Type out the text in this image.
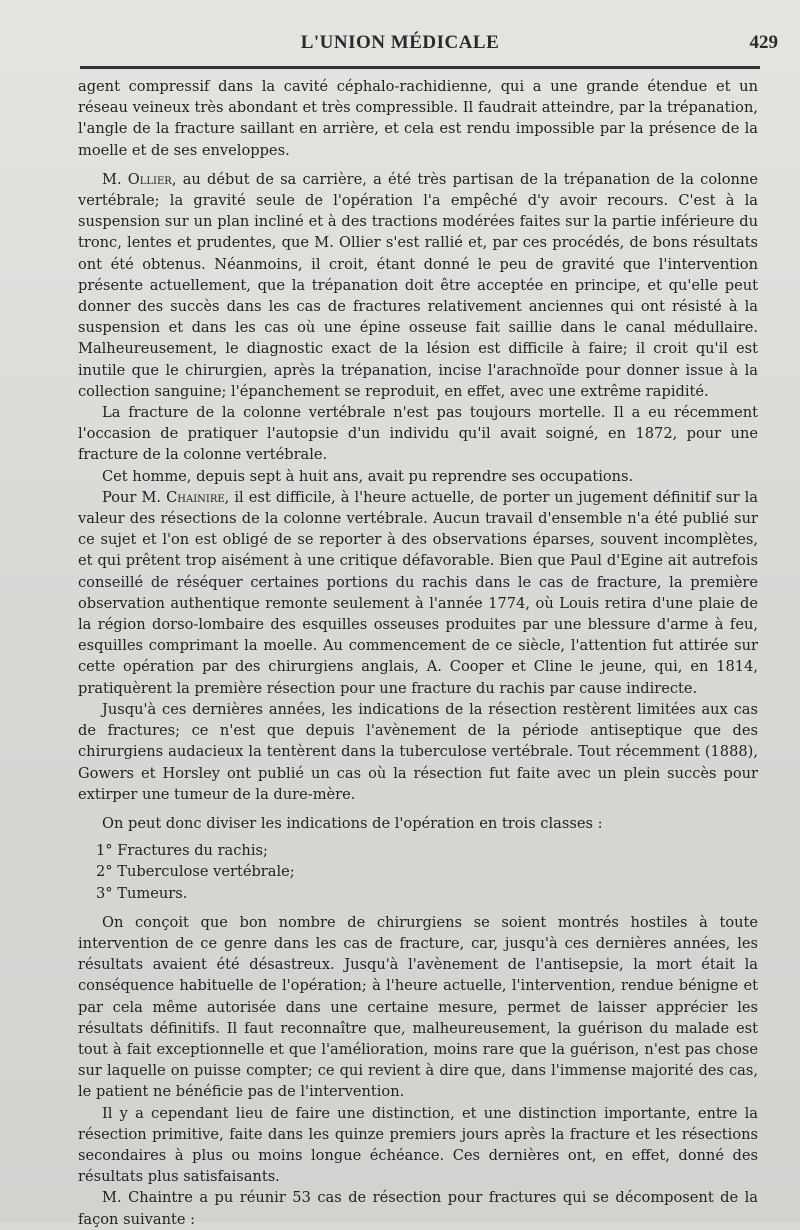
L'UNION MÉDICALE	429

agent compressif dans la cavité céphalo-rachidienne, qui a une grande étendue et un réseau veineux très abondant et très compressible. Il faudrait atteindre, par la trépanation, l'angle de la fracture saillant en arrière, et cela est rendu impossible par la présence de la moelle et de ses enveloppes.

M. Ollier, au début de sa carrière, a été très partisan de la trépanation de la colonne vertébrale; la gravité seule de l'opération l'a empêché d'y avoir recours. C'est à la suspension sur un plan incliné et à des tractions modérées faites sur la partie inférieure du tronc, lentes et prudentes, que M. Ollier s'est rallié et, par ces procédés, de bons résultats ont été obtenus. Néanmoins, il croit, étant donné le peu de gravité que l'intervention présente actuellement, que la trépanation doit être acceptée en principe, et qu'elle peut donner des succès dans les cas de fractures relativement anciennes qui ont résisté à la suspension et dans les cas où une épine osseuse fait saillie dans le canal médullaire. Malheureusement, le diagnostic exact de la lésion est difficile à faire; il croit qu'il est inutile que le chirurgien, après la trépanation, incise l'arachnoïde pour donner issue à la collection sanguine; l'épanchement se reproduit, en effet, avec une extrême rapidité.

La fracture de la colonne vertébrale n'est pas toujours mortelle. Il a eu récemment l'occasion de pratiquer l'autopsie d'un individu qu'il avait soigné, en 1872, pour une fracture de la colonne vertébrale.

Cet homme, depuis sept à huit ans, avait pu reprendre ses occupations.

Pour M. Chainire, il est difficile, à l'heure actuelle, de porter un jugement définitif sur la valeur des résections de la colonne vertébrale. Aucun travail d'ensemble n'a été publié sur ce sujet et l'on est obligé de se reporter à des observations éparses, souvent incomplètes, et qui prêtent trop aisément à une critique défavorable. Bien que Paul d'Egine ait autrefois conseillé de réséquer certaines portions du rachis dans le cas de fracture, la première observation authentique remonte seulement à l'année 1774, où Louis retira d'une plaie de la région dorso-lombaire des esquilles osseuses produites par une blessure d'arme à feu, esquilles comprimant la moelle. Au commencement de ce siècle, l'attention fut attirée sur cette opération par des chirurgiens anglais, A. Cooper et Cline le jeune, qui, en 1814, pratiquèrent la première résection pour une fracture du rachis par cause indirecte.

Jusqu'à ces dernières années, les indications de la résection restèrent limitées aux cas de fractures; ce n'est que depuis l'avènement de la période antiseptique que des chirurgiens audacieux la tentèrent dans la tuberculose vertébrale. Tout récemment (1888), Gowers et Horsley ont publié un cas où la résection fut faite avec un plein succès pour extirper une tumeur de la dure-mère.

On peut donc diviser les indications de l'opération en trois classes :

1° Fractures du rachis;
2° Tuberculose vertébrale;
3° Tumeurs.

On conçoit que bon nombre de chirurgiens se soient montrés hostiles à toute intervention de ce genre dans les cas de fracture, car, jusqu'à ces dernières années, les résultats avaient été désastreux. Jusqu'à l'avènement de l'antisepsie, la mort était la conséquence habituelle de l'opération; à l'heure actuelle, l'intervention, rendue bénigne et par cela même autorisée dans une certaine mesure, permet de laisser apprécier les résultats définitifs. Il faut reconnaître que, malheureusement, la guérison du malade est tout à fait exceptionnelle et que l'amélioration, moins rare que la guérison, n'est pas chose sur laquelle on puisse compter; ce qui revient à dire que, dans l'immense majorité des cas, le patient ne bénéficie pas de l'intervention.

Il y a cependant lieu de faire une distinction, et une distinction importante, entre la résection primitive, faite dans les quinze premiers jours après la fracture et les résections secondaires à plus ou moins longue échéance. Ces dernières ont, en effet, donné des résultats plus satisfaisants.

M. Chaintre a pu réunir 53 cas de résection pour fractures qui se décomposent de la façon suivante :
